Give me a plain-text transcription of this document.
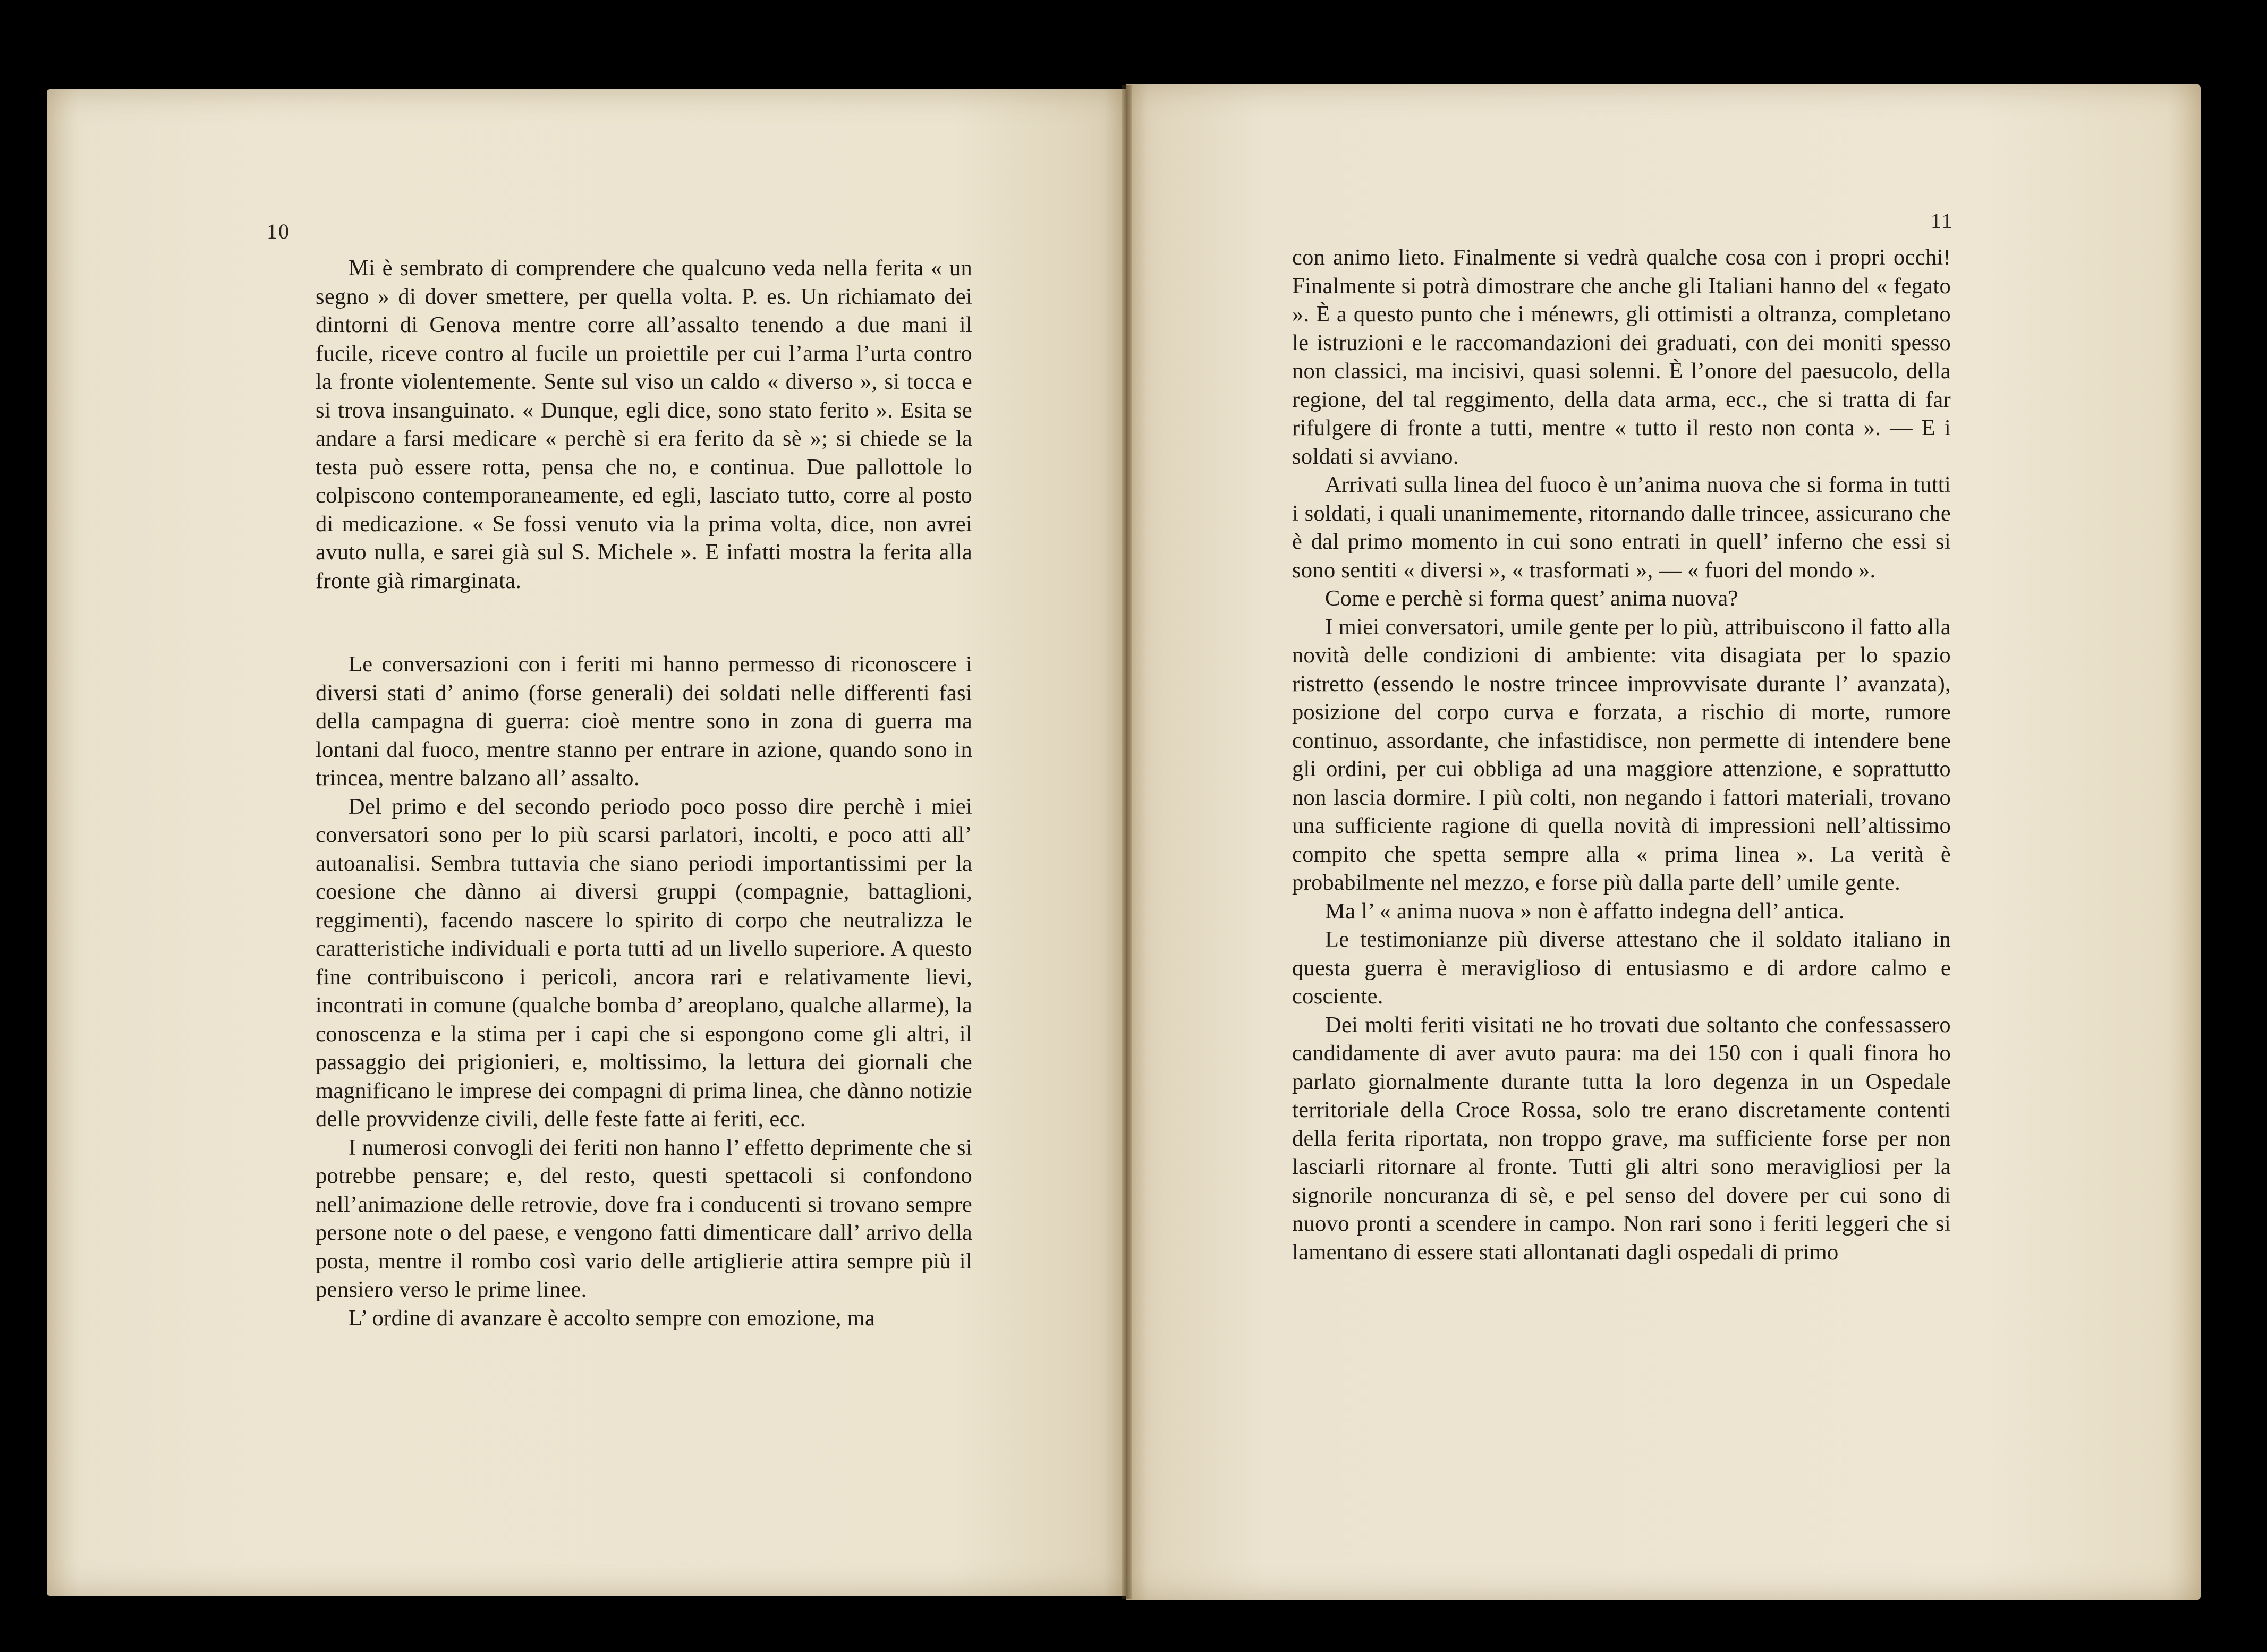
10	11

Mi è sembrato di comprendere che qualcuno veda nella ferita « un segno » di dover smettere, per quella volta. P. es. Un richiamato dei dintorni di Genova mentre corre all’assalto tenendo a due mani il fucile, riceve contro al fucile un proiettile per cui l’arma l’urta contro la fronte violentemente. Sente sul viso un caldo « diverso », si tocca e si trova insanguinato. « Dunque, egli dice, sono stato ferito ». Esita se andare a farsi medicare « perchè si era ferito da sè »; si chiede se la testa può essere rotta, pensa che no, e continua. Due pallottole lo colpiscono contemporaneamente, ed egli, lasciato tutto, corre al posto di medicazione. « Se fossi venuto via la prima volta, dice, non avrei avuto nulla, e sarei già sul S. Michele ». E infatti mostra la ferita alla fronte già rimarginata.

Le conversazioni con i feriti mi hanno permesso di riconoscere i diversi stati d’ animo (forse generali) dei soldati nelle differenti fasi della campagna di guerra: cioè mentre sono in zona di guerra ma lontani dal fuoco, mentre stanno per entrare in azione, quando sono in trincea, mentre balzano all’ assalto.

Del primo e del secondo periodo poco posso dire perchè i miei conversatori sono per lo più scarsi parlatori, incolti, e poco atti all’ autoanalisi. Sembra tuttavia che siano periodi importantissimi per la coesione che dànno ai diversi gruppi (compagnie, battaglioni, reggimenti), facendo nascere lo spirito di corpo che neutralizza le caratteristiche individuali e porta tutti ad un livello superiore. A questo fine contribuiscono i pericoli, ancora rari e relativamente lievi, incontrati in comune (qualche bomba d’ areoplano, qualche allarme), la conoscenza e la stima per i capi che si espongono come gli altri, il passaggio dei prigionieri, e, moltissimo, la lettura dei giornali che magnificano le imprese dei compagni di prima linea, che dànno notizie delle provvidenze civili, delle feste fatte ai feriti, ecc.

I numerosi convogli dei feriti non hanno l’ effetto deprimente che si potrebbe pensare; e, del resto, questi spettacoli si confondono nell’animazione delle retrovie, dove fra i conducenti si trovano sempre persone note o del paese, e vengono fatti dimenticare dall’ arrivo della posta, mentre il rombo così vario delle artiglierie attira sempre più il pensiero verso le prime linee.

L’ ordine di avanzare è accolto sempre con emozione, ma

con animo lieto. Finalmente si vedrà qualche cosa con i propri occhi! Finalmente si potrà dimostrare che anche gli Italiani hanno del « fegato ». È a questo punto che i ménewrs, gli ottimisti a oltranza, completano le istruzioni e le raccomandazioni dei graduati, con dei moniti spesso non classici, ma incisivi, quasi solenni. È l’onore del paesucolo, della regione, del tal reggimento, della data arma, ecc., che si tratta di far rifulgere di fronte a tutti, mentre « tutto il resto non conta ». — E i soldati si avviano.

Arrivati sulla linea del fuoco è un’anima nuova che si forma in tutti i soldati, i quali unanimemente, ritornando dalle trincee, assicurano che è dal primo momento in cui sono entrati in quell’ inferno che essi si sono sentiti « diversi », « trasformati », — « fuori del mondo ».

Come e perchè si forma quest’ anima nuova?

I miei conversatori, umile gente per lo più, attribuiscono il fatto alla novità delle condizioni di ambiente: vita disagiata per lo spazio ristretto (essendo le nostre trincee improvvisate durante l’ avanzata), posizione del corpo curva e forzata, a rischio di morte, rumore continuo, assordante, che infastidisce, non permette di intendere bene gli ordini, per cui obbliga ad una maggiore attenzione, e soprattutto non lascia dormire. I più colti, non negando i fattori materiali, trovano una sufficiente ragione di quella novità di impressioni nell’altissimo compito che spetta sempre alla « prima linea ». La verità è probabilmente nel mezzo, e forse più dalla parte dell’ umile gente.

Ma l’ « anima nuova » non è affatto indegna dell’ antica.

Le testimonianze più diverse attestano che il soldato italiano in questa guerra è meraviglioso di entusiasmo e di ardore calmo e cosciente.

Dei molti feriti visitati ne ho trovati due soltanto che confessassero candidamente di aver avuto paura: ma dei 150 con i quali finora ho parlato giornalmente durante tutta la loro degenza in un Ospedale territoriale della Croce Rossa, solo tre erano discretamente contenti della ferita riportata, non troppo grave, ma sufficiente forse per non lasciarli ritornare al fronte. Tutti gli altri sono meravigliosi per la signorile noncuranza di sè, e pel senso del dovere per cui sono di nuovo pronti a scendere in campo. Non rari sono i feriti leggeri che si lamentano di essere stati allontanati dagli ospedali di primo
